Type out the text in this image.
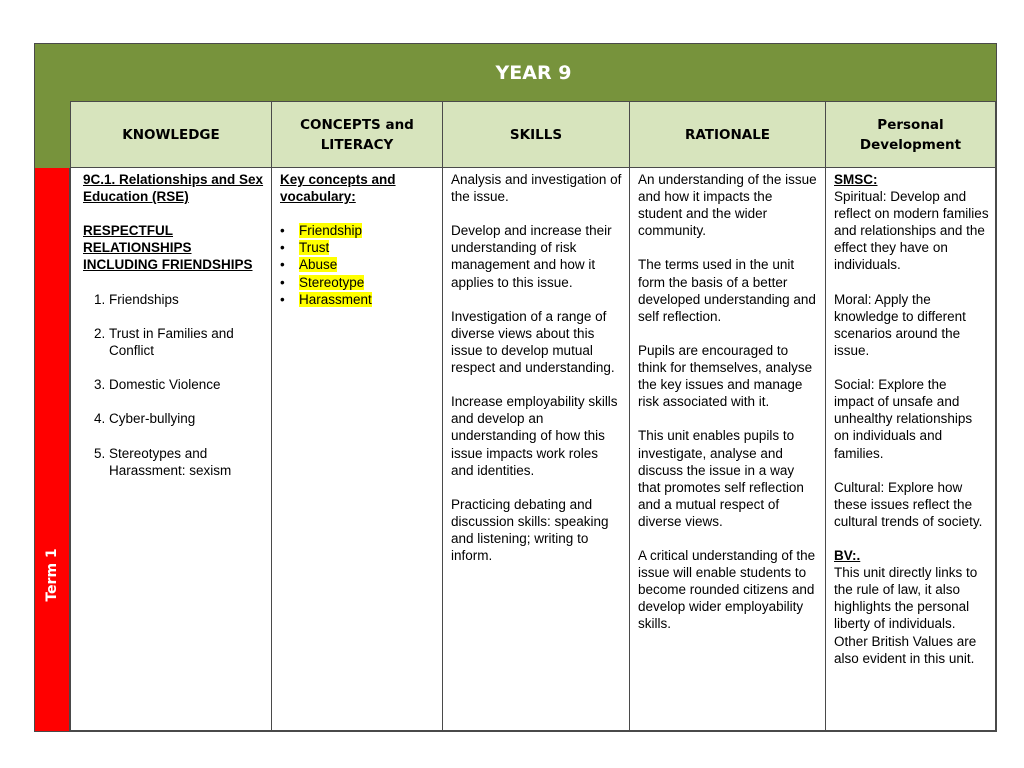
YEAR 9
Term 1
KNOWLEDGE
CONCEPTS and
LITERACY
SKILLS	RATIONALE
Personal
Development

9C.1. Relationships and Sex Education (RSE)

RESPECTFUL RELATIONSHIPS INCLUDING FRIENDSHIPS

1. Friendships
2. Trust in Families and Conflict
3. Domestic Violence
4. Cyber-bullying
5. Stereotypes and Harassment: sexism

Key concepts and vocabulary:

• Friendship
• Trust
• Abuse
• Stereotype
• Harassment

Analysis and investigation of the issue.

Develop and increase their understanding of risk management and how it applies to this issue.

Investigation of a range of diverse views about this issue to develop mutual respect and understanding.

Increase employability skills and develop an understanding of how this issue impacts work roles and identities.

Practicing debating and discussion skills: speaking and listening; writing to inform.

An understanding of the issue and how it impacts the student and the wider community.

The terms used in the unit form the basis of a better developed understanding and self reflection.

Pupils are encouraged to think for themselves, analyse the key issues and manage risk associated with it.

This unit enables pupils to investigate, analyse and discuss the issue in a way that promotes self reflection and a mutual respect of diverse views.

A critical understanding of the issue will enable students to become rounded citizens and develop wider employability skills.

SMSC:

Spiritual: Develop and reflect on modern families and relationships and the effect they have on individuals.

Moral: Apply the knowledge to different scenarios around the issue.

Social: Explore the impact of unsafe and unhealthy relationships on individuals and families.

Cultural: Explore how these issues reflect the cultural trends of society.

BV:.

This unit directly links to the rule of law, it also highlights the personal liberty of individuals. Other British Values are also evident in this unit.
